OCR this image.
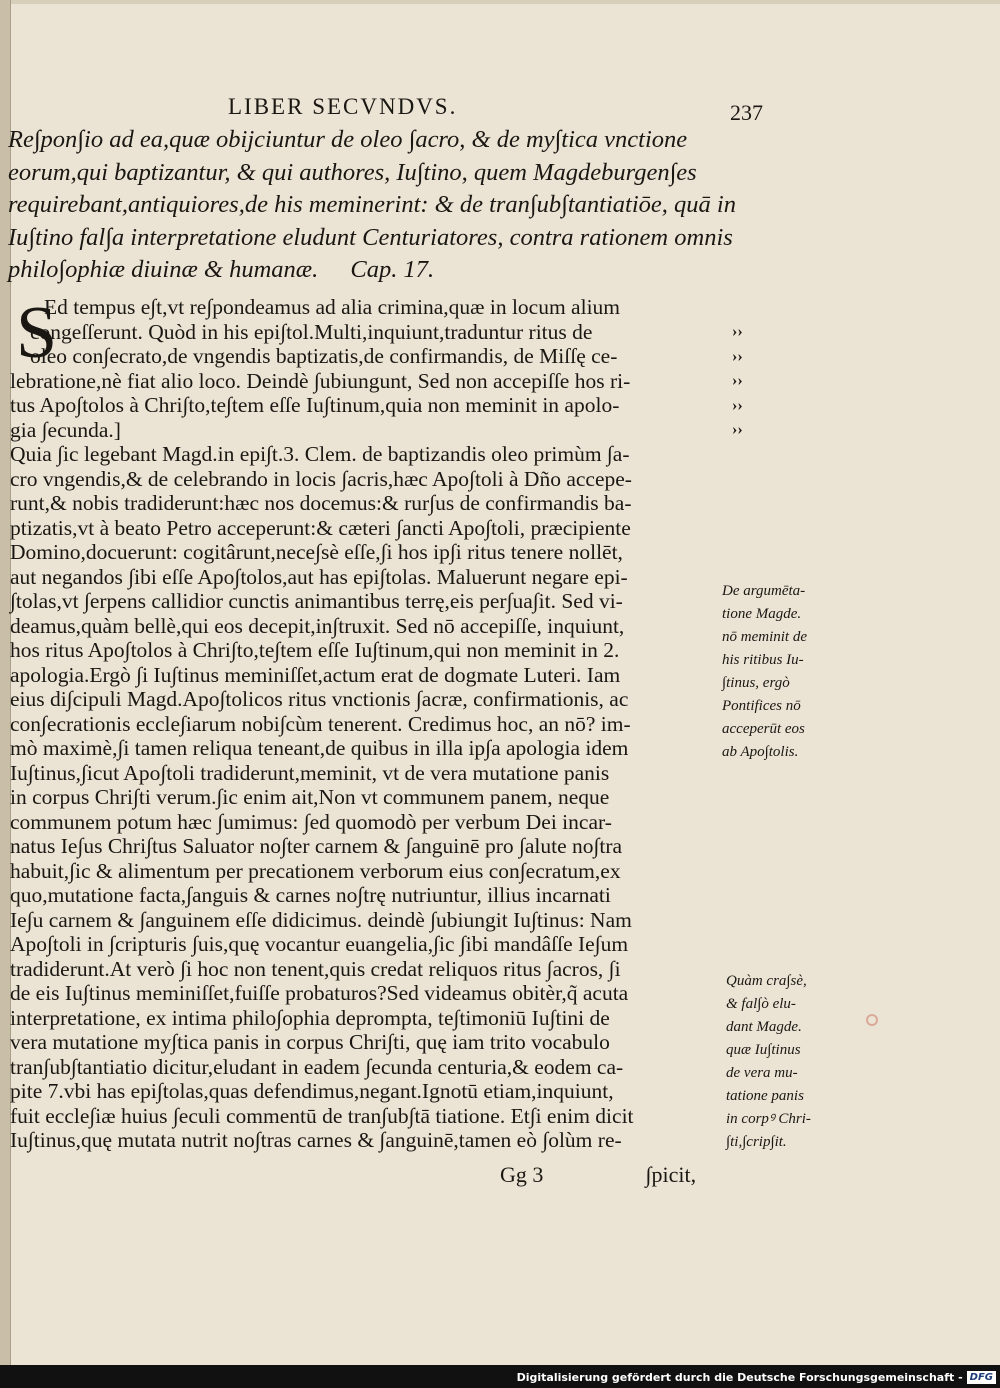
LIBER SECVNDVS.	237
Re∫pon∫io ad ea,quæ obijciuntur de oleo ∫acro, & de my∫tica vnctione
eorum,qui baptizantur, & qui authores, Iu∫tino, quem Magdeburgen∫es
requirebant,antiquiores,de his meminerint: & de tran∫ub∫tantiatiōe, quā in
Iu∫tino fal∫a interpretatione eludunt Centuriatores, contra rationem omnis
philo∫ophiæ diuinæ & humanæ. Cap. 17.
S
Ed tempus e∫t,vt re∫pondeamus ad alia crimina,quæ in locum alium
congeſſerunt. Quòd in his epi∫tol.Multi,inquiunt,traduntur ritus de
oleo con∫ecrato,de vngendis baptizatis,de confirmandis, de Miſſę ce-
lebratione,nè fiat alio loco. Deindè ∫ubiungunt, Sed non accepiſſe hos ri-
tus Apo∫tolos à Chri∫to,te∫tem eſſe Iu∫tinum,quia non meminit in apolo-
gia ∫ecunda.]
Quia ∫ic legebant Magd.in epi∫t.3. Clem. de baptizandis oleo primùm ∫a-
cro vngendis,& de celebrando in locis ∫acris,hæc Apo∫toli à Dño accepe-
runt,& nobis tradiderunt:hæc nos docemus:& rur∫us de confirmandis ba-
ptizatis,vt à beato Petro acceperunt:& cæteri ∫ancti Apo∫toli, præcipiente
Domino,docuerunt: cogitârunt,nece∫sè eſſe,∫i hos ip∫i ritus tenere nollēt,
aut negandos ∫ibi eſſe Apo∫tolos,aut has epi∫tolas. Maluerunt negare epi-
∫tolas,vt ∫erpens callidior cunctis animantibus terrę,eis per∫ua∫it. Sed vi-
deamus,quàm bellè,qui eos decepit,in∫truxit. Sed nō accepiſſe, inquiunt,
hos ritus Apo∫tolos à Chri∫to,te∫tem eſſe Iu∫tinum,qui non meminit in 2.
apologia.Ergò ∫i Iu∫tinus meminiſſet,actum erat de dogmate Luteri. Iam
eius di∫cipuli Magd.Apo∫tolicos ritus vnctionis ∫acræ, confirmationis, ac
con∫ecrationis eccle∫iarum nobi∫cùm tenerent. Credimus hoc, an nō? im-
mò maximè,∫i tamen reliqua teneant,de quibus in illa ip∫a apologia idem
Iu∫tinus,∫icut Apo∫toli tradiderunt,meminit, vt de vera mutatione panis
in corpus Chri∫ti verum.∫ic enim ait,Non vt communem panem, neque
communem potum hæc ∫umimus: ∫ed quomodò per verbum Dei incar-
natus Ie∫us Chri∫tus Saluator no∫ter carnem & ∫anguinē pro ∫alute no∫tra
habuit,∫ic & alimentum per precationem verborum eius con∫ecratum,ex
quo,mutatione facta,∫anguis & carnes no∫trę nutriuntur, illius incarnati
Ie∫u carnem & ∫anguinem eſſe didicimus. deindè ∫ubiungit Iu∫tinus: Nam
Apo∫toli in ∫cripturis ∫uis,quę vocantur euangelia,∫ic ∫ibi mandâſſe Ie∫um
tradiderunt.At verò ∫i hoc non tenent,quis credat reliquos ritus ∫acros, ∫i
de eis Iu∫tinus meminiſſet,fuiſſe probaturos?Sed videamus obitèr,q̃ acuta
interpretatione, ex intima philo∫ophia deprompta, te∫timoniū Iu∫tini de
vera mutatione my∫tica panis in corpus Chri∫ti, quę iam trito vocabulo
tran∫ub∫tantiatio dicitur,eludant in eadem ∫ecunda centuria,& eodem ca-
pite 7.vbi has epi∫tolas,quas defendimus,negant.Ignotū etiam,inquiunt,
fuit eccle∫iæ huius ∫eculi commentū de tran∫ub∫tā tiatione. Et∫i enim dicit
Iu∫tinus,quę mutata nutrit no∫tras carnes & ∫anguinē,tamen eò ∫olùm re-
››
››
››
››
››
De argumēta-
tione Magde.
nō meminit de
his ritibus Iu-
∫tinus, ergò
Pontifices nō
acceperūt eos
ab Apo∫tolis.
Quàm cra∫sè,
& fal∫ò elu-
dant Magde.
quæ Iu∫tinus
de vera mu-
tatione panis
in corpꝰ Chri-
∫ti,∫crip∫it.
Gg 3	∫picit,
Digitalisierung gefördert durch die Deutsche Forschungsgemeinschaft - DFG
